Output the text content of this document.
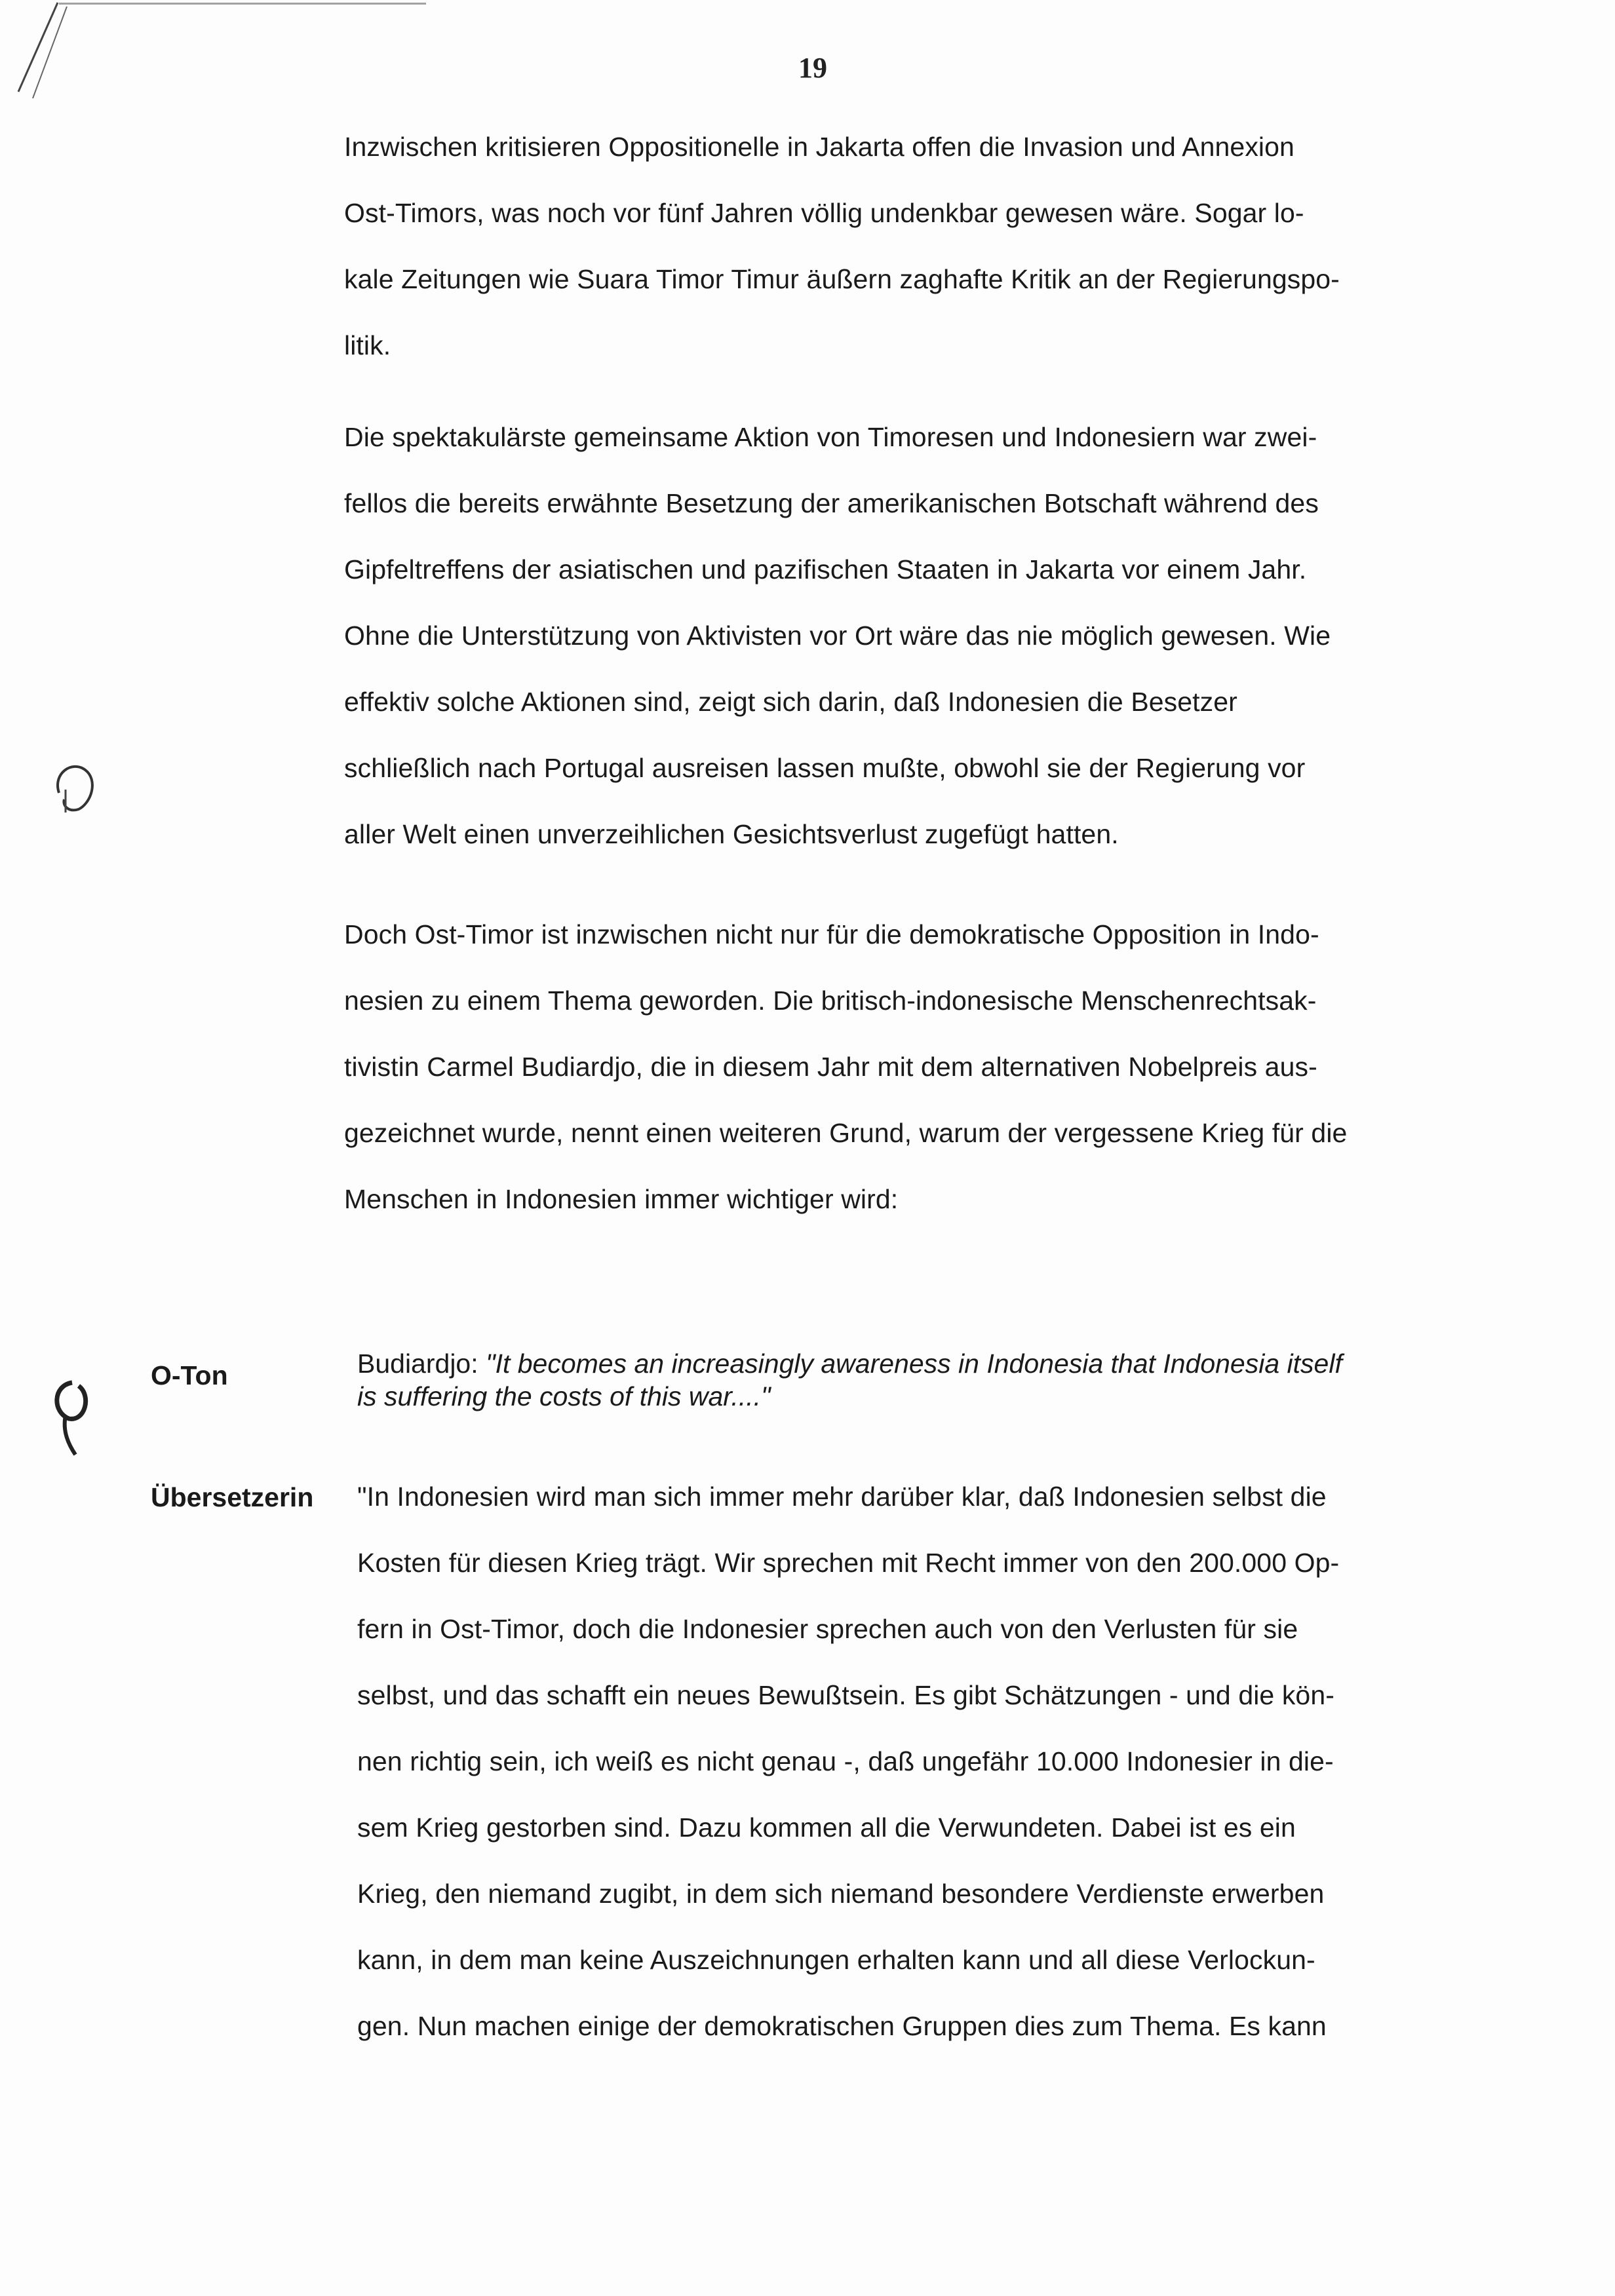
19
Inzwischen kritisieren Oppositionelle in Jakarta offen die Invasion und Annexion
Ost-Timors, was noch vor fünf Jahren völlig undenkbar gewesen wäre. Sogar lo-
kale Zeitungen wie Suara Timor Timur äußern zaghafte Kritik an der Regierungspo-
litik.
Die spektakulärste gemeinsame Aktion von Timoresen und Indonesiern war zwei-
fellos die bereits erwähnte Besetzung der amerikanischen Botschaft während des
Gipfeltreffens der asiatischen und pazifischen Staaten in Jakarta vor einem Jahr.
Ohne die Unterstützung von Aktivisten vor Ort wäre das nie möglich gewesen. Wie
effektiv solche Aktionen sind, zeigt sich darin, daß Indonesien die Besetzer
schließlich nach Portugal ausreisen lassen mußte, obwohl sie der Regierung vor
aller Welt einen unverzeihlichen Gesichtsverlust zugefügt hatten.
Doch Ost-Timor ist inzwischen nicht nur für die demokratische Opposition in Indo-
nesien zu einem Thema geworden. Die britisch-indonesische Menschenrechtsak-
tivistin Carmel Budiardjo, die in diesem Jahr mit dem alternativen Nobelpreis aus-
gezeichnet wurde, nennt einen weiteren Grund, warum der vergessene Krieg für die
Menschen in Indonesien immer wichtiger wird:
O-Ton	Budiardjo: "It becomes an increasingly awareness in Indonesia that Indonesia itself
is suffering the costs of this war...."
Übersetzerin "In Indonesien wird man sich immer mehr darüber klar, daß Indonesien selbst die
Kosten für diesen Krieg trägt. Wir sprechen mit Recht immer von den 200.000 Op-
fern in Ost-Timor, doch die Indonesier sprechen auch von den Verlusten für sie
selbst, und das schafft ein neues Bewußtsein. Es gibt Schätzungen - und die kön-
nen richtig sein, ich weiß es nicht genau -, daß ungefähr 10.000 Indonesier in die-
sem Krieg gestorben sind. Dazu kommen all die Verwundeten. Dabei ist es ein
Krieg, den niemand zugibt, in dem sich niemand besondere Verdienste erwerben
kann, in dem man keine Auszeichnungen erhalten kann und all diese Verlockun-
gen. Nun machen einige der demokratischen Gruppen dies zum Thema. Es kann
